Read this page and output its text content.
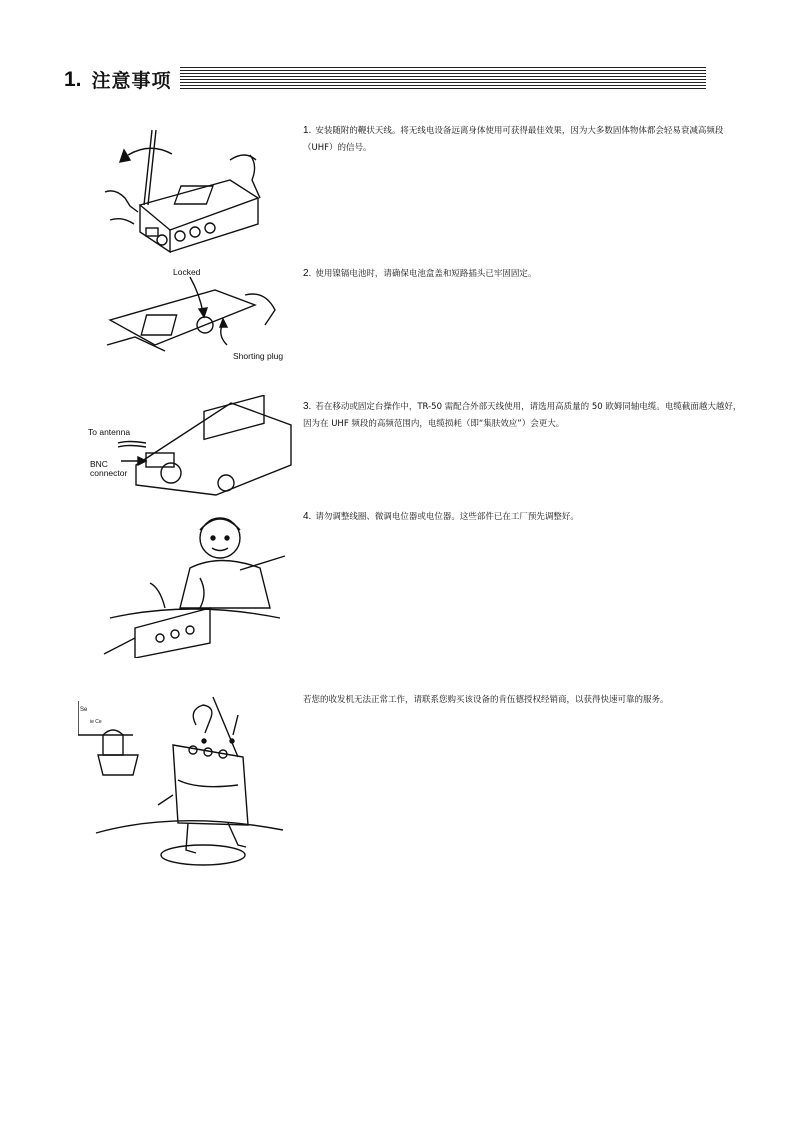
1. 注意事项
Locked
Shorting plug
To antenna
BNC
connector
Se
ie Ce
1. 安装随附的鞭状天线。将无线电设备远离身体使用可获得最佳效果，因为大多数固体物体都会轻易衰减高频段（UHF）的信号。
2. 使用镍镉电池时，请确保电池盒盖和短路插头已牢固固定。
3. 若在移动或固定台操作中，TR-50 需配合外部天线使用，请选用高质量的 50 欧姆同轴电缆。电缆截面越大越好，因为在 UHF 频段的高频范围内，电缆损耗（即“集肤效应”）会更大。
4. 请勿调整线圈、微调电位器或电位器。这些部件已在工厂预先调整好。
若您的收发机无法正常工作，请联系您购买该设备的肯伍德授权经销商，以获得快速可靠的服务。
